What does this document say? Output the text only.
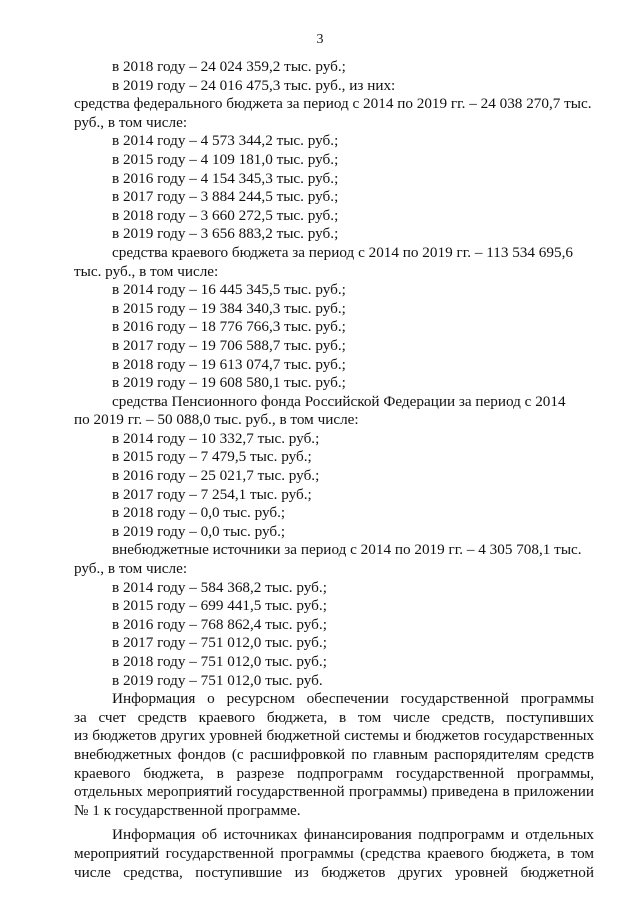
3
в 2018 году – 24 024 359,2 тыс. руб.;
в 2019 году – 24 016 475,3 тыс. руб., из них:
средства федерального бюджета за период с 2014 по 2019 гг. – 24 038 270,7 тыс.
руб., в том числе:
в 2014 году – 4 573 344,2 тыс. руб.;
в 2015 году – 4 109 181,0 тыс. руб.;
в 2016 году – 4 154 345,3 тыс. руб.;
в 2017 году – 3 884 244,5 тыс. руб.;
в 2018 году – 3 660 272,5 тыс. руб.;
в 2019 году – 3 656 883,2 тыс. руб.;
средства краевого бюджета за период с 2014 по 2019 гг. – 113 534 695,6
тыс. руб., в том числе:
в 2014 году – 16 445 345,5 тыс. руб.;
в 2015 году – 19 384 340,3 тыс. руб.;
в 2016 году – 18 776 766,3 тыс. руб.;
в 2017 году – 19 706 588,7 тыс. руб.;
в 2018 году – 19 613 074,7 тыс. руб.;
в 2019 году – 19 608 580,1 тыс. руб.;
средства Пенсионного фонда Российской Федерации за период с 2014
по 2019 гг. – 50 088,0 тыс. руб., в том числе:
в 2014 году – 10 332,7 тыс. руб.;
в 2015 году – 7 479,5 тыс. руб.;
в 2016 году – 25 021,7 тыс. руб.;
в 2017 году – 7 254,1 тыс. руб.;
в 2018 году – 0,0 тыс. руб.;
в 2019 году – 0,0 тыс. руб.;
внебюджетные источники за период с 2014 по 2019 гг. – 4 305 708,1 тыс.
руб., в том числе:
в 2014 году – 584 368,2 тыс. руб.;
в 2015 году – 699 441,5 тыс. руб.;
в 2016 году – 768 862,4 тыс. руб.;
в 2017 году – 751 012,0 тыс. руб.;
в 2018 году – 751 012,0 тыс. руб.;
в 2019 году – 751 012,0 тыс. руб.
Информация о ресурсном обеспечении государственной программы
за счет средств краевого бюджета, в том числе средств, поступивших
из бюджетов других уровней бюджетной системы и бюджетов государственных
внебюджетных фондов (с расшифровкой по главным распорядителям средств
краевого бюджета, в разрезе подпрограмм государственной программы,
отдельных мероприятий государственной программы) приведена в приложении
№ 1 к государственной программе.
Информация об источниках финансирования подпрограмм и отдельных
мероприятий государственной программы (средства краевого бюджета, в том
числе средства, поступившие из бюджетов других уровней бюджетной
